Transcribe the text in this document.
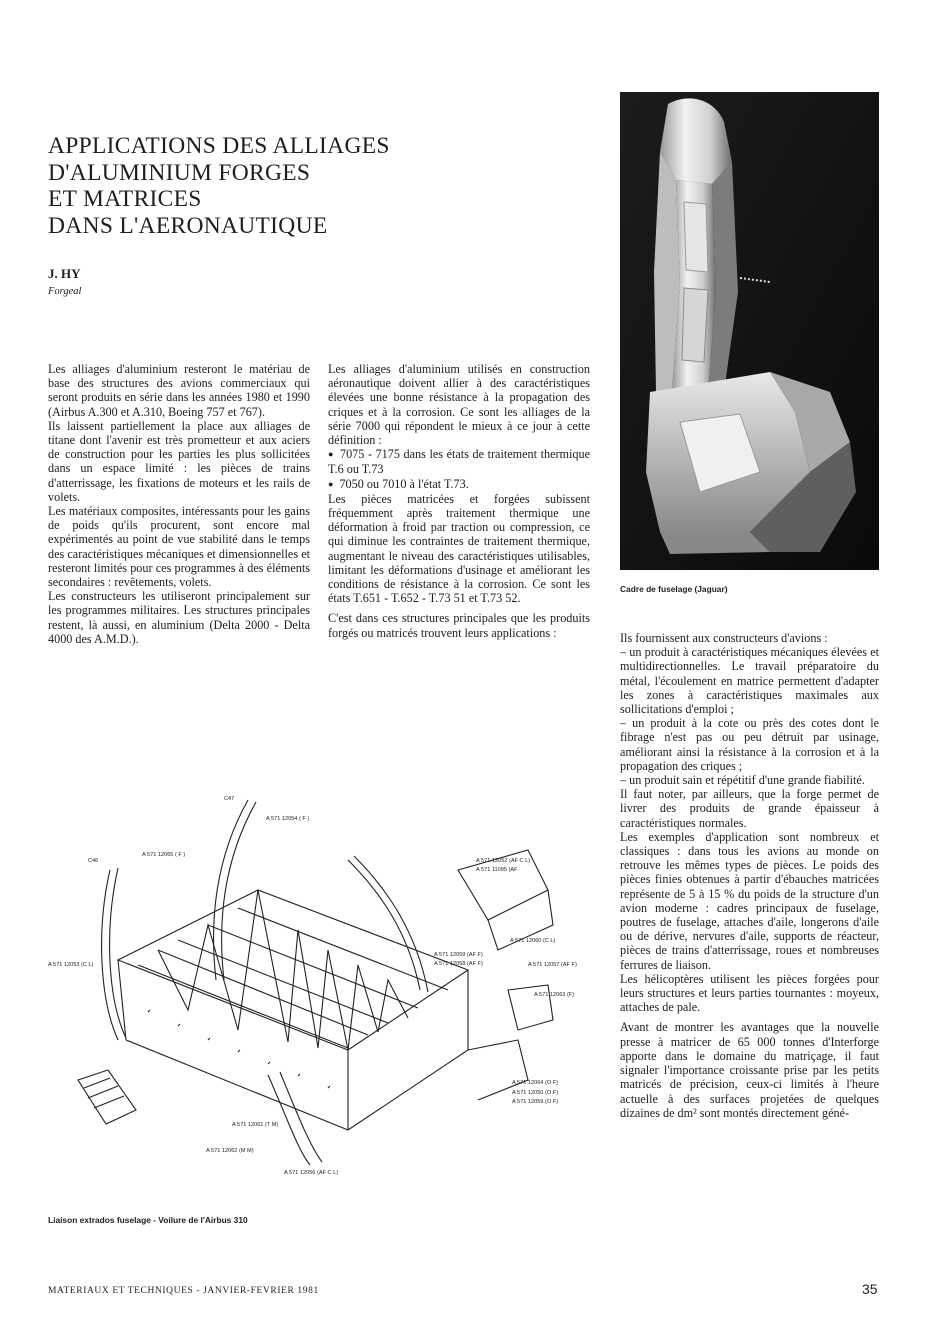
APPLICATIONS DES ALLIAGES
D'ALUMINIUM FORGES
ET MATRICES
DANS L'AERONAUTIQUE
J. HY
Forgeal

Les alliages d'aluminium resteront le matériau de base des structures des avions commerciaux qui seront produits en série dans les années 1980 et 1990 (Airbus A.300 et A.310, Boeing 757 et 767).

Ils laissent partiellement la place aux alliages de titane dont l'avenir est très prometteur et aux aciers de construction pour les parties les plus sollicitées dans un espace limité : les pièces de trains d'atterrissage, les fixations de moteurs et les rails de volets.

Les matériaux composites, intéressants pour les gains de poids qu'ils procurent, sont encore mal expérimentés au point de vue stabilité dans le temps des caractéristiques mécaniques et dimensionnelles et resteront limités pour ces programmes à des éléments secondaires : revêtements, volets.

Les constructeurs les utiliseront principalement sur les programmes militaires. Les structures principales restent, là aussi, en aluminium (Delta 2000 - Delta 4000 des A.M.D.).

Les alliages d'aluminium utilisés en construction aéronautique doivent allier à des caractéristiques élevées une bonne résistance à la propagation des criques et à la corrosion. Ce sont les alliages de la série 7000 qui répondent le mieux à ce jour à cette définition :

● 7075 - 7175 dans les états de traitement thermique T.6 ou T.73

● 7050 ou 7010 à l'état T.73.

Les pièces matricées et forgées subissent fréquemment après traitement thermique une déformation à froid par traction ou compression, ce qui diminue les contraintes de traitement thermique, augmentant le niveau des caractéristiques utilisables, limitant les déformations d'usinage et améliorant les conditions de résistance à la corrosion. Ce sont les états T.651 - T.652 - T.73 51 et T.73 52.

C'est dans ces structures principales que les produits forgés ou matricés trouvent leurs applications :	Ils fournissent aux constructeurs d'avions :

– un produit à caractéristiques mécaniques élevées et multidirectionnelles. Le travail préparatoire du métal, l'écoulement en matrice permettent d'adapter les zones à caractéristiques maximales aux sollicitations d'emploi ;

– un produit à la cote ou près des cotes dont le fibrage n'est pas ou peu détruit par usinage, améliorant ainsi la résistance à la corrosion et à la propagation des criques ;

– un produit sain et répétitif d'une grande fiabilité.

Il faut noter, par ailleurs, que la forge permet de livrer des produits de grande épaisseur à caractéristiques normales.

Les exemples d'application sont nombreux et classiques : dans tous les avions au monde on retrouve les mêmes types de pièces. Le poids des pièces finies obtenues à partir d'ébauches matricées représente de 5 à 15 % du poids de la structure d'un avion moderne : cadres principaux de fuselage, poutres de fuselage, attaches d'aile, longerons d'aile ou de dérive, nervures d'aile, supports de réacteur, pièces de trains d'atterrissage, roues et nombreuses ferrures de liaison.

Les hélicoptères utilisent les pièces forgées pour leurs structures et leurs parties tournantes : moyeux, attaches de pale.

Avant de montrer les avantages que la nouvelle presse à matricer de 65 000 tonnes d'Interforge apporte dans le domaine du matriçage, il faut signaler l'importance croissante prise par les petits matricés de précision, ceux-ci limités à l'heure actuelle à des surfaces projetées de quelques dizaines de dm² sont montés directement géné-

Cadre de fuselage (Jaguar)
C47
C46
A 571 12054 ( F )
A 571 12065 ( F )
A 571 12052 (AF C L)
A 571 11095 (AF
A 571 12053 (C L)
A 571 12059 (AF F)
A 571 12058 (AF F)
A 571 12060 (C L)
A 571 12057 (AF F)
A 571 12063 (F)
A 571 12064 (O F)
A 571 12050 (O F)
A 571 12059 (O F)
A 571 12061 (T M)
A 571 12062 (M M)
A 571 12056 (AF C L)
Liaison extrados fuselage - Voilure de l'Airbus 310
MATERIAUX ET TECHNIQUES - JANVIER-FEVRIER 1981	35
